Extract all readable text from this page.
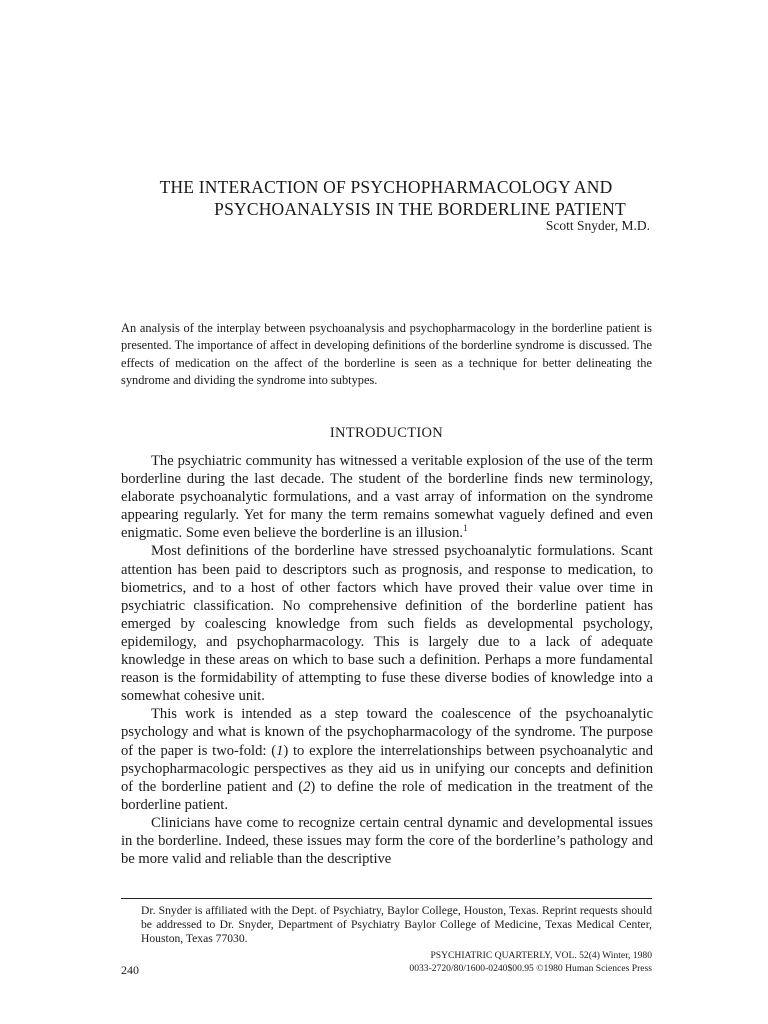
THE INTERACTION OF PSYCHOPHARMACOLOGY AND
PSYCHOANALYSIS IN THE BORDERLINE PATIENT
Scott Snyder, M.D.
An analysis of the interplay between psychoanalysis and psychopharmacology in the borderline patient is presented. The importance of affect in developing definitions of the borderline syndrome is discussed. The effects of medication on the affect of the borderline is seen as a technique for better delineating the syndrome and dividing the syndrome into subtypes.
INTRODUCTION

The psychiatric community has witnessed a veritable explosion of the use of the term borderline during the last decade. The student of the borderline finds new terminology, elaborate psychoanalytic formulations, and a vast array of information on the syndrome appearing regularly. Yet for many the term remains somewhat vaguely defined and even enigmatic. Some even believe the borderline is an illusion.$^1$

Most definitions of the borderline have stressed psychoanalytic formulations. Scant attention has been paid to descriptors such as prognosis, and response to medication, to biometrics, and to a host of other factors which have proved their value over time in psychiatric classification. No comprehensive definition of the borderline patient has emerged by coalescing knowledge from such fields as developmental psychology, epidemilogy, and psychopharmacology. This is largely due to a lack of adequate knowledge in these areas on which to base such a definition. Perhaps a more fundamental reason is the formidability of attempting to fuse these diverse bodies of knowledge into a somewhat cohesive unit.

This work is intended as a step toward the coalescence of the psychoanalytic psychology and what is known of the psychopharmacology of the syndrome. The purpose of the paper is two-fold: (1) to explore the interrelationships between psychoanalytic and psychopharmacologic perspectives as they aid us in unifying our concepts and definition of the borderline patient and (2) to define the role of medication in the treatment of the borderline patient.

Clinicians have come to recognize certain central dynamic and developmental issues in the borderline. Indeed, these issues may form the core of the borderline’s pathology and be more valid and reliable than the descriptive

Dr. Snyder is affiliated with the Dept. of Psychiatry, Baylor College, Houston, Texas. Reprint requests should be addressed to Dr. Snyder, Department of Psychiatry Baylor College of Medicine, Texas Medical Center, Houston, Texas 77030.
240
PSYCHIATRIC QUARTERLY, VOL. 52(4) Winter, 1980
0033-2720/80/1600-0240$00.95 ©1980 Human Sciences Press
